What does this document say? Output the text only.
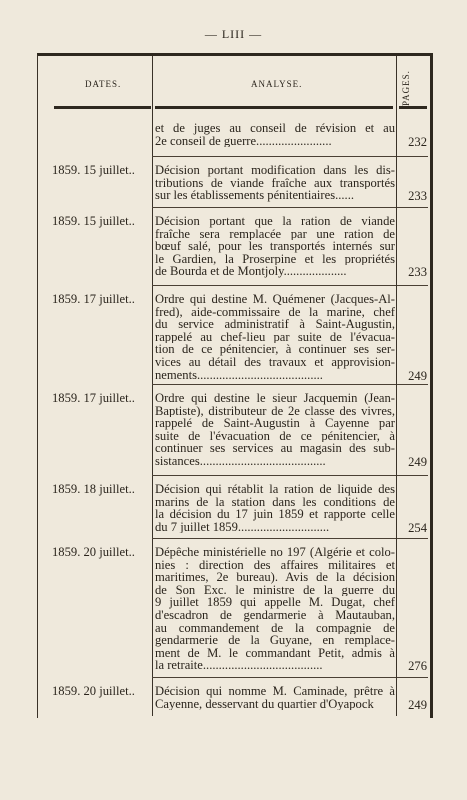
— LIII —
DATES.	ANALYSE.	PAGES.
et de juges au conseil de révision et au
2e conseil de guerre........................	232
1859. 15 juillet..	Décision portant modification dans les dis-
tributions de viande fraîche aux transportés
sur les établissements pénitentiaires......	233
1859. 15 juillet..	Décision portant que la ration de viande
fraîche sera remplacée par une ration de
bœuf salé, pour les transportés internés sur
le Gardien, la Proserpine et les propriétés
de Bourda et de Montjoly....................	233
1859. 17 juillet..	Ordre qui destine M. Quémener (Jacques-Al-
fred), aide-commissaire de la marine, chef
du service administratif à Saint-Augustin,
rappelé au chef-lieu par suite de l'évacua-
tion de ce pénitencier, à continuer ses ser-
vices au détail des travaux et approvision-
nements........................................	249
1859. 17 juillet..	Ordre qui destine le sieur Jacquemin (Jean-
Baptiste), distributeur de 2e classe des vivres,
rappelé de Saint-Augustin à Cayenne par
suite de l'évacuation de ce pénitencier, à
continuer ses services au magasin des sub-
sistances........................................	249
1859. 18 juillet..	Décision qui rétablit la ration de liquide des
marins de la station dans les conditions de
la décision du 17 juin 1859 et rapporte celle
du 7 juillet 1859.............................	254
1859. 20 juillet..	Dépêche ministérielle no 197 (Algérie et colo-
nies : direction des affaires militaires et
maritimes, 2e bureau). Avis de la décision
de Son Exc. le ministre de la guerre du
9 juillet 1859 qui appelle M. Dugat, chef
d'escadron de gendarmerie à Mautauban,
au commandement de la compagnie de
gendarmerie de la Guyane, en remplace-
ment de M. le commandant Petit, admis à
la retraite......................................	276
1859. 20 juillet..	Décision qui nomme M. Caminade, prêtre à
Cayenne, desservant du quartier d'Oyapock	249
